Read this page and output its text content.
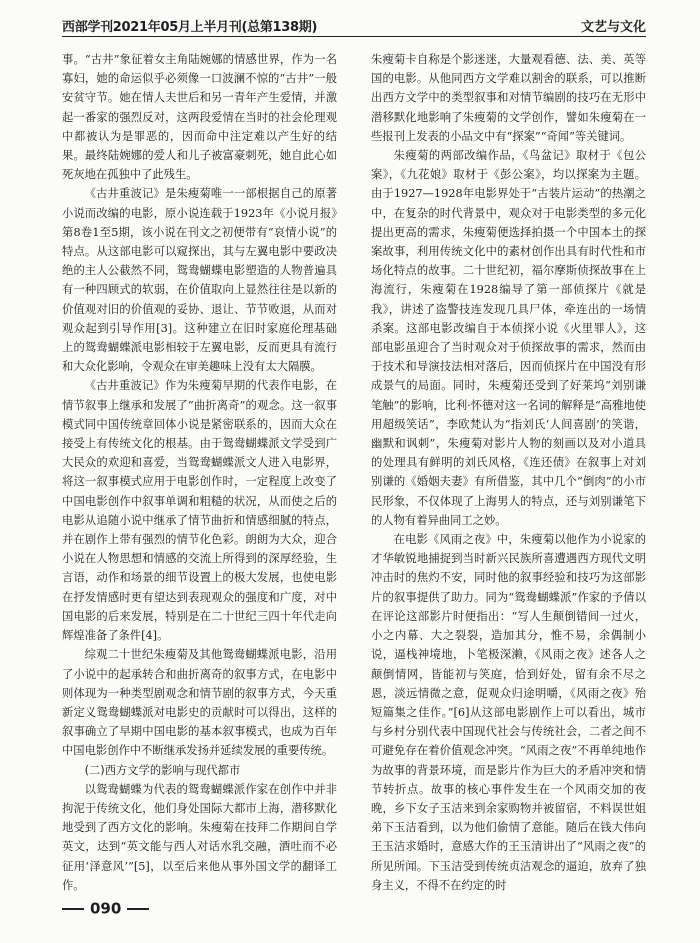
西部学刊2021年05月上半月刊(总第138期)	文艺与文化

事。“古井”象征着女主角陆婉娜的情感世界，作为一名寡妇，她的命运似乎必须像一口波澜不惊的“古井”一般安贫守节。她在情人夫世后和另一青年产生爱情，并激起一番家的强烈反对，这两段爱情在当时的社会伦理观中都被认为是罪恶的，因而命中注定难以产生好的结果。最终陆婉娜的爱人和儿子被富豪刺死，她自此心如死灰地在孤独中了此残生。

《古井重波记》是朱瘦菊唯一一部根据自己的原著小说而改编的电影，原小说连载于1923年《小说月报》第8卷1至5期，该小说在刊文之初便带有“哀情小说”的特点。从这部电影可以窥探出，其与左翼电影中要政决绝的主人公截然不同，鸳鸯蝴蝶电影塑造的人物普遍具有一种四顾式的软弱，在价值取向上显然往往是以新的价值观对旧的价值观的妥协、退让、节节败退，从而对观众起到引导作用[3]。这种建立在旧时家庭伦理基础上的鸳鸯蝴蝶派电影相较于左翼电影，反而更具有流行和大众化影响，令观众在审美趣味上没有太大隔膜。

《古井重波记》作为朱瘦菊早期的代表作电影，在情节叙事上继承和发展了“曲折离奇”的观念。这一叙事模式同中国传统章回体小说是紧密联系的，因而大众在接受上有传统文化的根基。由于鸳鸯蝴蝶派文学受到广大民众的欢迎和喜爱，当鸳鸯蝴蝶派文人进入电影界，将这一叙事模式应用于电影创作时，一定程度上改变了中国电影创作中叙事单调和粗糙的状况，从而使之后的电影从追随小说中继承了情节曲折和情感细腻的特点，并在剧作上带有强烈的情节化色彩。朗朗为大众，迎合小说在人物思想和情感的交流上所得到的深厚经验，生言语，动作和场景的细节设置上的极大发展，也使电影在抒发情感时更有望达到表现观众的强度和广度，对中国电影的后来发展，特别是在二十世纪三四十年代走向辉煌准备了条件[4]。

综观二十世纪朱瘦菊及其他鸳鸯蝴蝶派电影，沿用了小说中的起承转合和曲折离奇的叙事方式，在电影中则体现为一种类型剧观念和情节剧的叙事方式，今天重新定义鸳鸯蝴蝶派对电影史的贡献时可以得出，这样的叙事确立了早期中国电影的基本叙事模式，也成为百年中国电影创作中不断继承发扬并延续发展的重要传统。

(二)西方文学的影响与现代都市

以鸳鸯蝴蝶为代表的鸳鸯蝴蝶派作家在创作中并非拘泥于传统文化，他们身处国际大都市上海，潜移默化地受到了西方文化的影响。朱瘦菊在技拜二作期间自学英文，达到“英文能与西人对话水乳交融，酒吐而不必征用‘泽意风’”[5]，以至后来他从事外国文学的翻译工作。

朱瘦菊卡自称是个影迷迷，大量观看德、法、美、英等国的电影。从他同西方文学难以割舍的联系，可以推断出西方文学中的类型叙事和对情节编剧的技巧在无形中潜移默化地影响了朱瘦菊的文学创作，譬如朱瘦菊在一些报刊上发表的小品文中有“探案”“奇闻”等关键词。

朱瘦菊的两部改编作品，《鸟盆记》取材于《包公案》，《九花娘》取材于《彭公案》，均以探案为主题。由于1927—1928年电影界处于“古装片运动”的热潮之中，在复杂的时代背景中，观众对于电影类型的多元化提出更高的需求，朱瘦菊便选择拍摄一个中国本土的探案故事，利用传统文化中的素材创作出具有时代性和市场化特点的故事。二十世纪初，福尔摩斯侦探故事在上海流行，朱瘦菊在1928编导了第一部侦探片《就是我》，讲述了盗警技连发现几具尸体，牵连出的一场情杀案。这部电影改编自于本侦探小说《火里罪人》，这部电影虽迎合了当时观众对于侦探故事的需求，然而由于技术和导演技法相对落后，因而侦探片在中国没有形成景气的局面。同时，朱瘦菊还受到了好莱坞“刘别谦笔触”的影响，比利·怀德对这一名词的解释是“高雅地使用超级笑话”，李欧梵认为“指刘氏‘人间喜剧’的笑谐，幽默和讽刺”，朱瘦菊对影片人物的刻画以及对小道具的处理具有鲜明的刘氏风格，《连还债》在叙事上对刘别谦的《婚姻夫妻》有所借鉴，其中几个“倒肉”的小市民形象，不仅体现了上海男人的特点，还与刘别谦笔下的人物有着异曲同工之妙。

在电影《风雨之夜》中，朱瘦菊以他作为小说家的才华敏锐地捕捉到当时新兴民族所喜遭遇西方现代文明冲击时的焦灼不安，同时他的叙事经验和技巧为这部影片的叙事提供了助力。同为“鸳鸯蝴蝶派”作家的予倩以在评论这部影片时便指出：“写人生颠倒错间一过火，小之内幕、大之裂裂，造加其分，惟不易，余偶制小说，逼栈神境地，卜笔极深濑，《风雨之夜》述各人之颠倒情网，皆能初与笑庭，恰到好处，留有余不尽之恩，淡远情微之意，促观众归途明嚼，《风雨之夜》殆短篇集之佳作。”[6]从这部电影剧作上可以看出，城市与乡村分别代表中国现代社会与传统社会，二者之间不可避免存在着价值观念冲突。“风雨之夜”不再单纯地作为故事的背景环境，而是影片作为巨大的矛盾冲突和情节转折点。故事的核心事件发生在一个风雨交加的夜晚，乡下女子玉洁来到余家购物并被留宿，不料误世姐弟下玉洁看到，以为他们偷情了意能。随后在钱大伟向王玉洁求婚时，意感大作的王玉清讲出了“风雨之夜”的所见所闻。下玉洁受到传统贞洁观念的逼迫，放弃了独身主义，不得不在约定的时

090
